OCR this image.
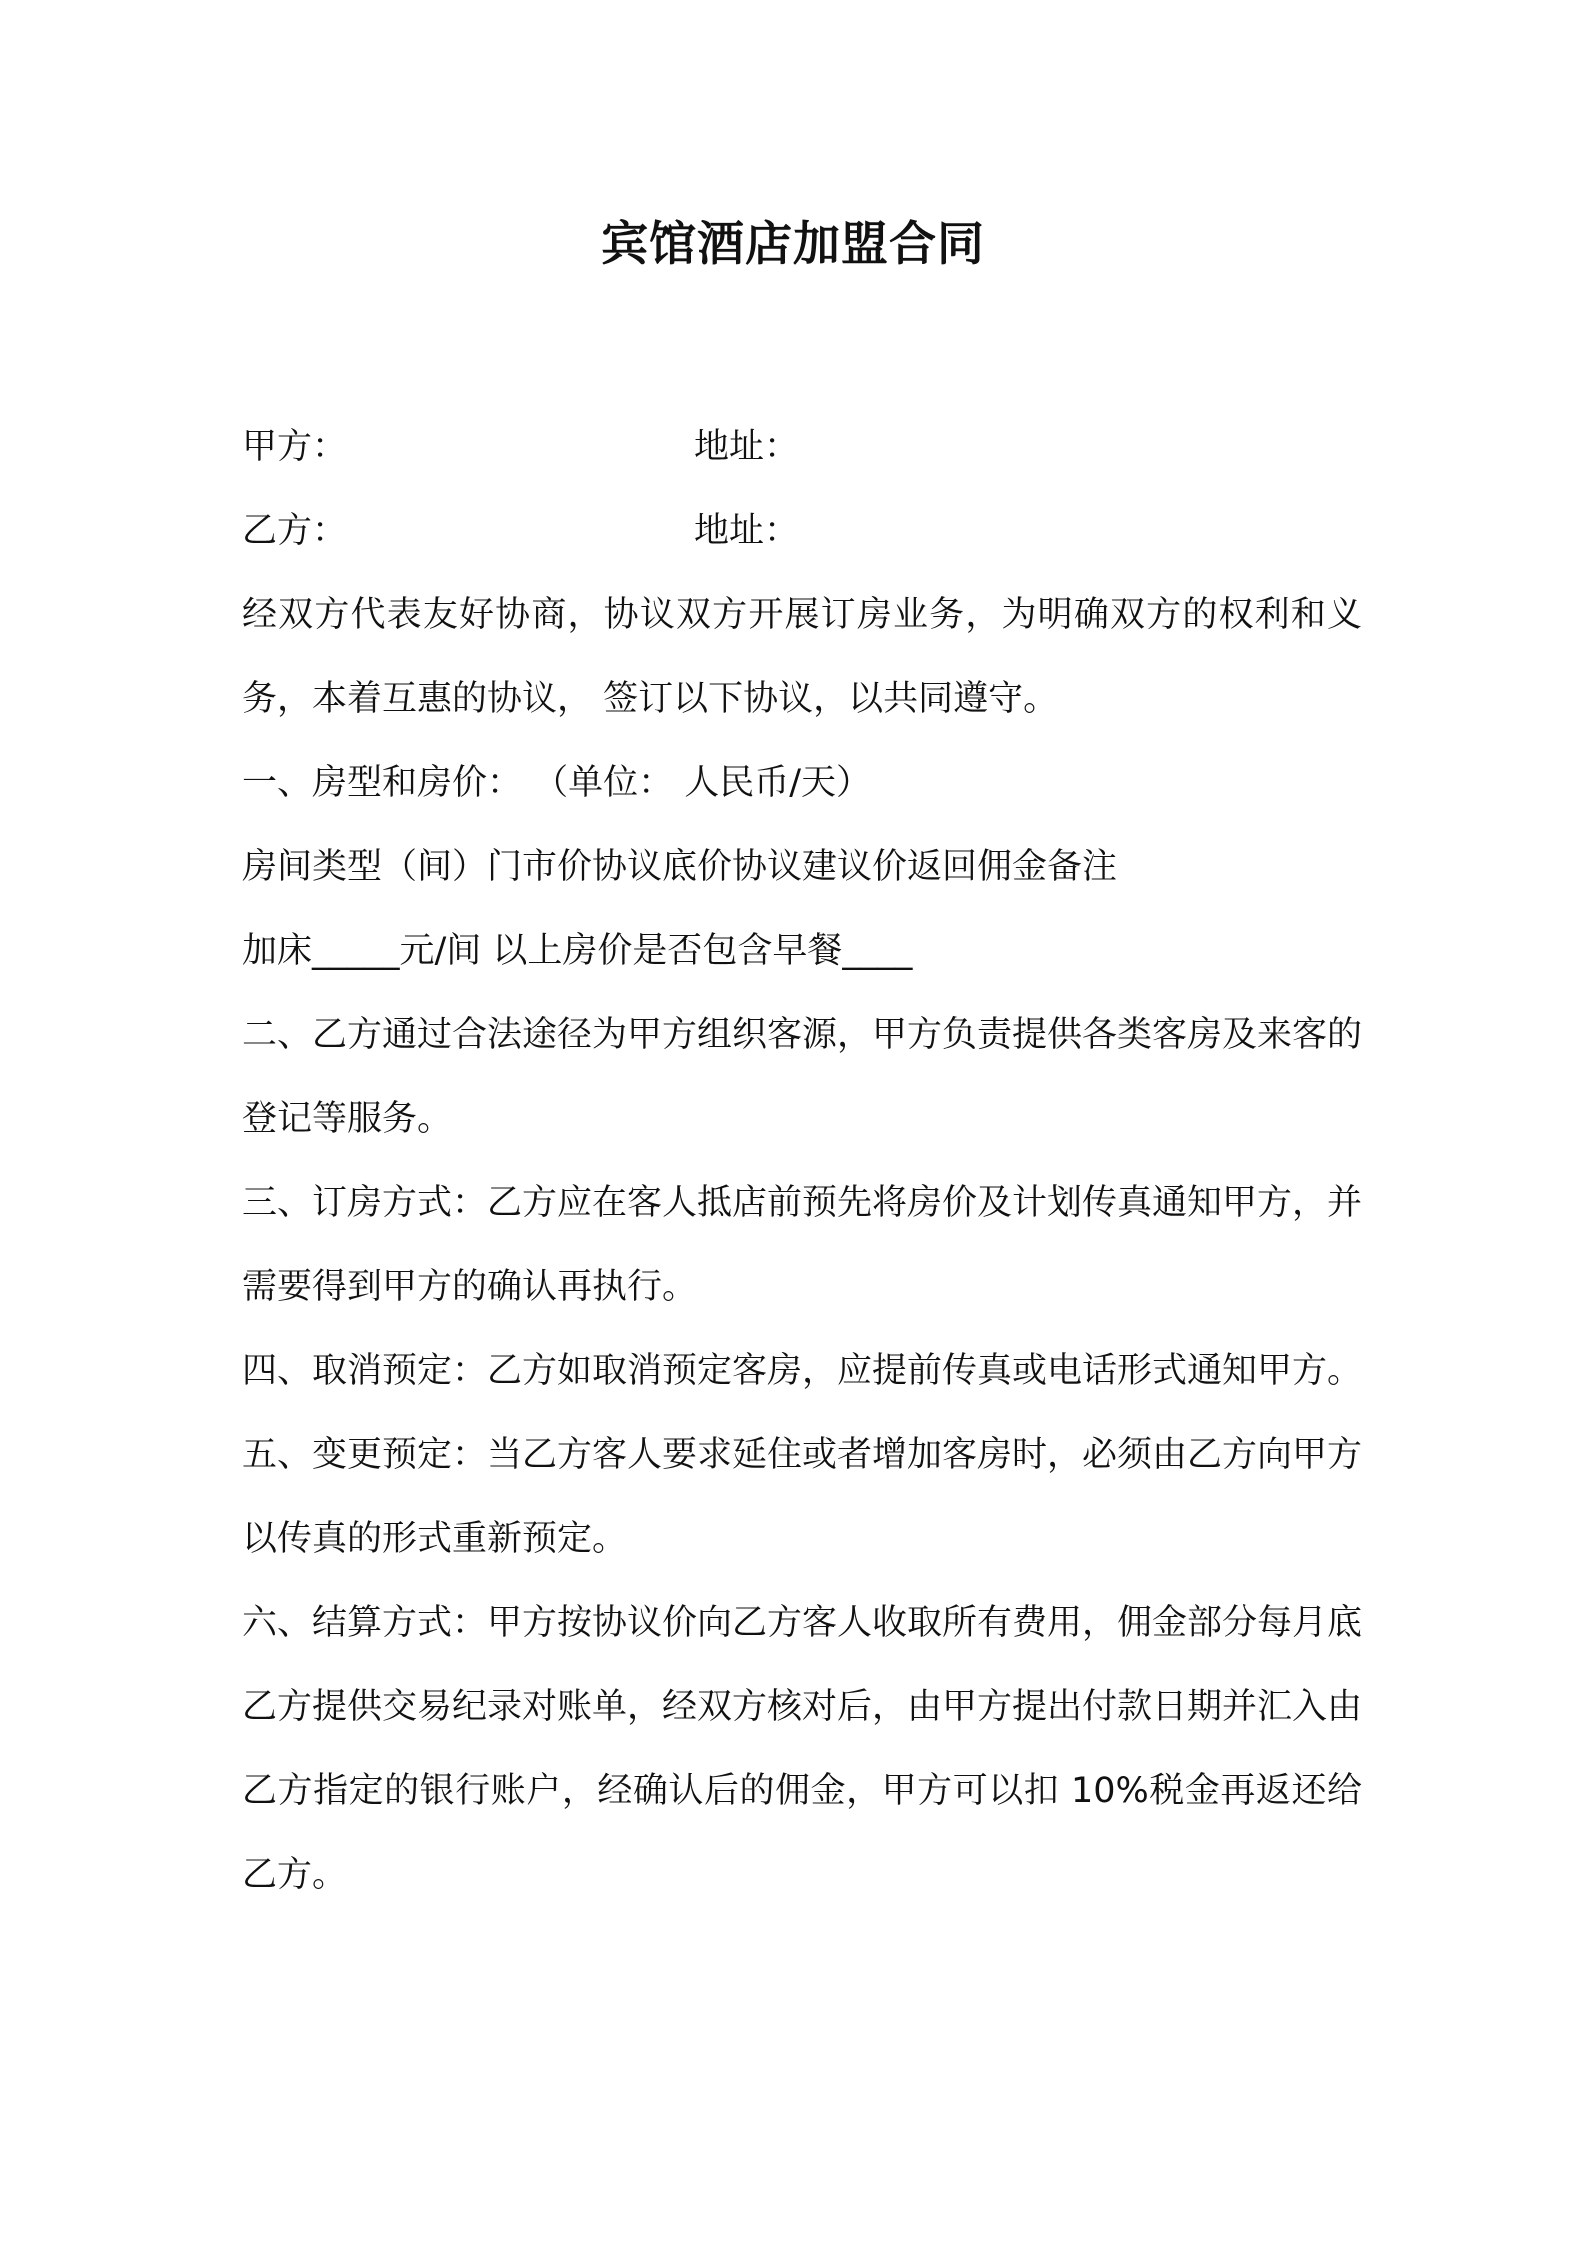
宾馆酒店加盟合同
甲方：	地址：
乙方：	地址：
经双方代表友好协商，协议双方开展订房业务，为明确双方的权利和义务，本着互惠的协议， 签订以下协议，以共同遵守。
一、房型和房价： （单位： 人民币/天）
房间类型（间）门市价协议底价协议建议价返回佣金备注
加床_____元/间 以上房价是否包含早餐____
二、乙方通过合法途径为甲方组织客源，甲方负责提供各类客房及来客的登记等服务。
三、订房方式：乙方应在客人抵店前预先将房价及计划传真通知甲方，并需要得到甲方的确认再执行。
四、取消预定：乙方如取消预定客房，应提前传真或电话形式通知甲方。
五、变更预定：当乙方客人要求延住或者增加客房时，必须由乙方向甲方以传真的形式重新预定。
六、结算方式：甲方按协议价向乙方客人收取所有费用，佣金部分每月底乙方提供交易纪录对账单，经双方核对后，由甲方提出付款日期并汇入由乙方指定的银行账户，经确认后的佣金，甲方可以扣 10%税金再返还给乙方。
